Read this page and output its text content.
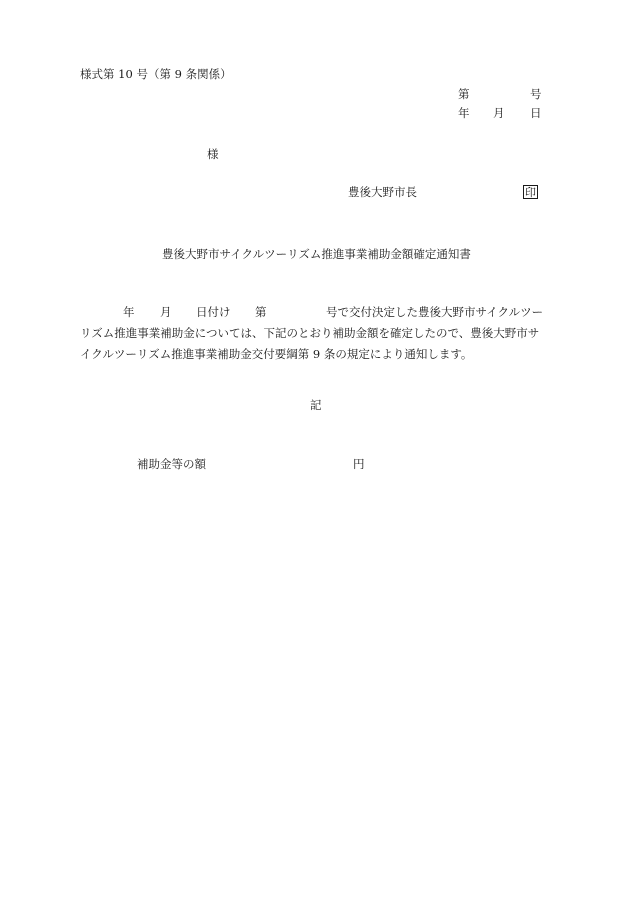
様式第 10 号（第 9 条関係）
第	号
年 月 日
様
豊後大野市長	印
豊後大野市サイクルツーリズム推進事業補助金額確定通知書
年 月 日付け 第	号で交付決定した豊後大野市サイクルツー
リズム推進事業補助金については、下記のとおり補助金額を確定したので、豊後大野市サ
イクルツーリズム推進事業補助金交付要綱第 9 条の規定により通知します。
記
補助金等の額	円
